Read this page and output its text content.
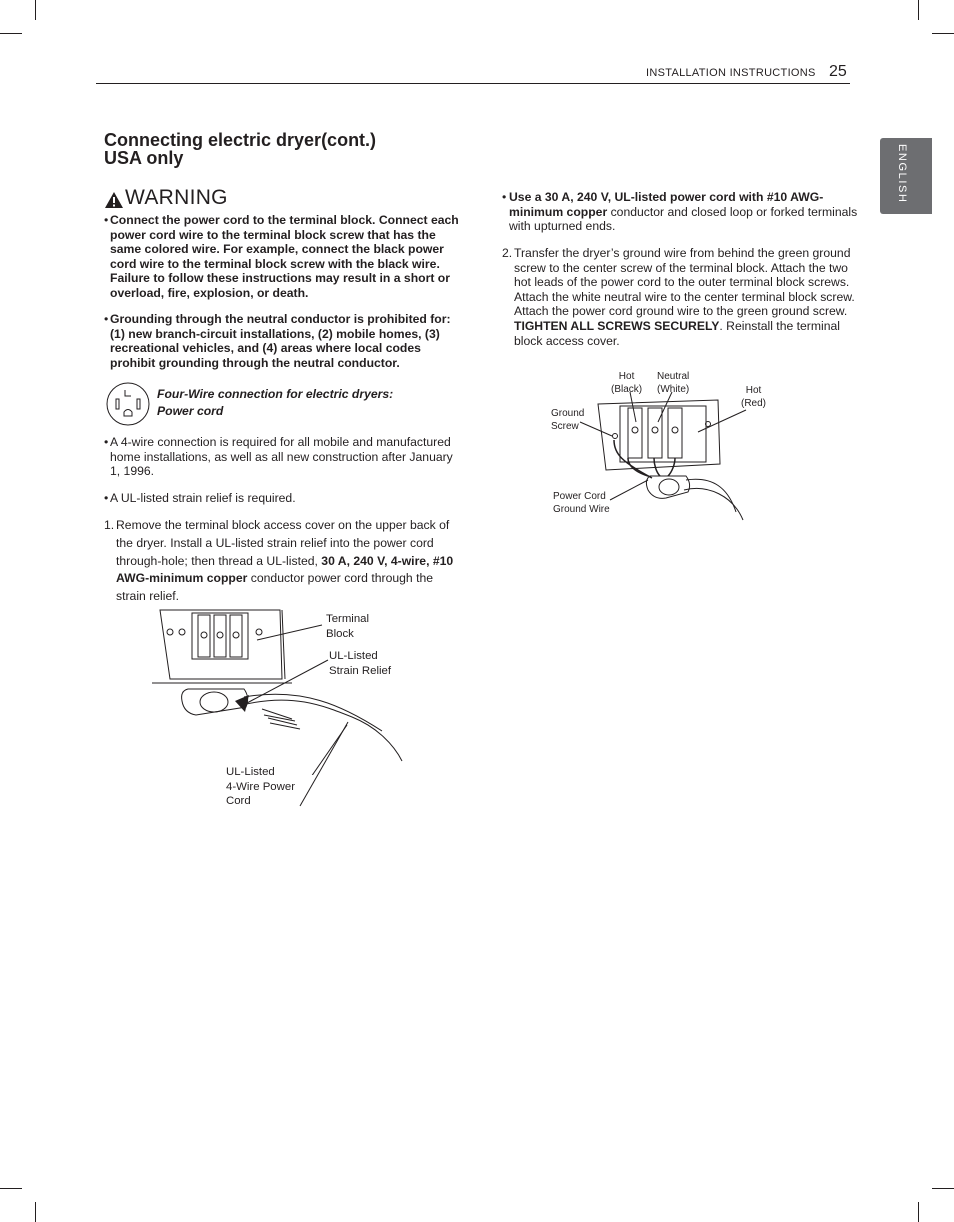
INSTALLATION INSTRUCTIONS 25
ENGLISH
Connecting electric dryer(cont.)
USA only
WARNING
• Connect the power cord to the terminal block. Connect each power cord wire to the terminal block screw that has the same colored wire. For example, connect the black power cord wire to the terminal block screw with the black wire. Failure to follow these instructions may result in a short or overload, fire, explosion, or death.
• Grounding through the neutral conductor is prohibited for: (1) new branch-circuit installations, (2) mobile homes, (3) recreational vehicles, and (4) areas where local codes prohibit grounding through the neutral conductor.
Four-Wire connection for electric dryers:
Power cord
• A 4-wire connection is required for all mobile and manufactured home installations, as well as all new construction after January 1, 1996.
• A UL-listed strain relief is required.
1. Remove the terminal block access cover on the upper back of the dryer. Install a UL-listed strain relief into the power cord through-hole; then thread a UL-listed, 30 A, 240 V, 4-wire, #10 AWG-minimum copper conductor power cord through the strain relief.
Terminal
Block
UL-Listed
Strain Relief
UL-Listed
4-Wire Power
Cord
• Use a 30 A, 240 V, UL-listed power cord with #10 AWG-minimum copper conductor and closed loop or forked terminals with upturned ends.
2. Transfer the dryer’s ground wire from behind the green ground screw to the center screw of the terminal block. Attach the two hot leads of the power cord to the outer terminal block screws. Attach the white neutral wire to the center terminal block screw. Attach the power cord ground wire to the green ground screw. TIGHTEN ALL SCREWS SECURELY. Reinstall the terminal block access cover.
Hot
(Black)
Neutral
(White)	Hot
(Red)
Ground
Screw
Power Cord
Ground Wire
